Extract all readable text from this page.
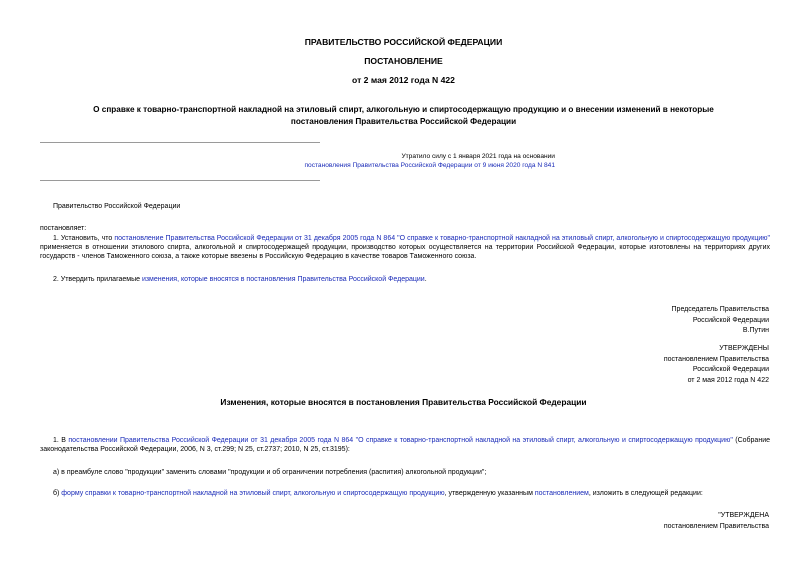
ПРАВИТЕЛЬСТВО РОССИЙСКОЙ ФЕДЕРАЦИИ
ПОСТАНОВЛЕНИЕ
от 2 мая 2012 года N 422
О справке к товарно-транспортной накладной на этиловый спирт, алкогольную и спиртосодержащую продукцию и о внесении изменений в некоторые
постановления Правительства Российской Федерации
Утратило силу с 1 января 2021 года на основании
постановления Правительства Российской Федерации от 9 июня 2020 года N 841
Правительство Российской Федерации
постановляет:
1. Установить, что постановление Правительства Российской Федерации от 31 декабря 2005 года N 864 "О справке к товарно-транспортной накладной на этиловый спирт, алкогольную и спиртосодержащую продукцию" применяется в отношении этилового спирта, алкогольной и спиртосодержащей продукции, производство которых осуществляется на территории Российской Федерации, которые изготовлены на территориях других государств - членов Таможенного союза, а также которые ввезены в Российскую Федерацию в качестве товаров Таможенного союза.
2. Утвердить прилагаемые изменения, которые вносятся в постановления Правительства Российской Федерации.
Председатель Правительства
Российской Федерации
В.Путин
УТВЕРЖДЕНЫ
постановлением Правительства
Российской Федерации
от 2 мая 2012 года N 422
Изменения, которые вносятся в постановления Правительства Российской Федерации
1. В постановлении Правительства Российской Федерации от 31 декабря 2005 года N 864 "О справке к товарно-транспортной накладной на этиловый спирт, алкогольную и спиртосодержащую продукцию" (Собрание законодательства Российской Федерации, 2006, N 3, ст.299; N 25, ст.2737; 2010, N 25, ст.3195):
а) в преамбуле слово "продукции" заменить словами "продукции и об ограничении потребления (распития) алкогольной продукции";
б) форму справки к товарно-транспортной накладной на этиловый спирт, алкогольную и спиртосодержащую продукцию, утвержденную указанным постановлением, изложить в следующей редакции:
"УТВЕРЖДЕНА
постановлением Правительства
